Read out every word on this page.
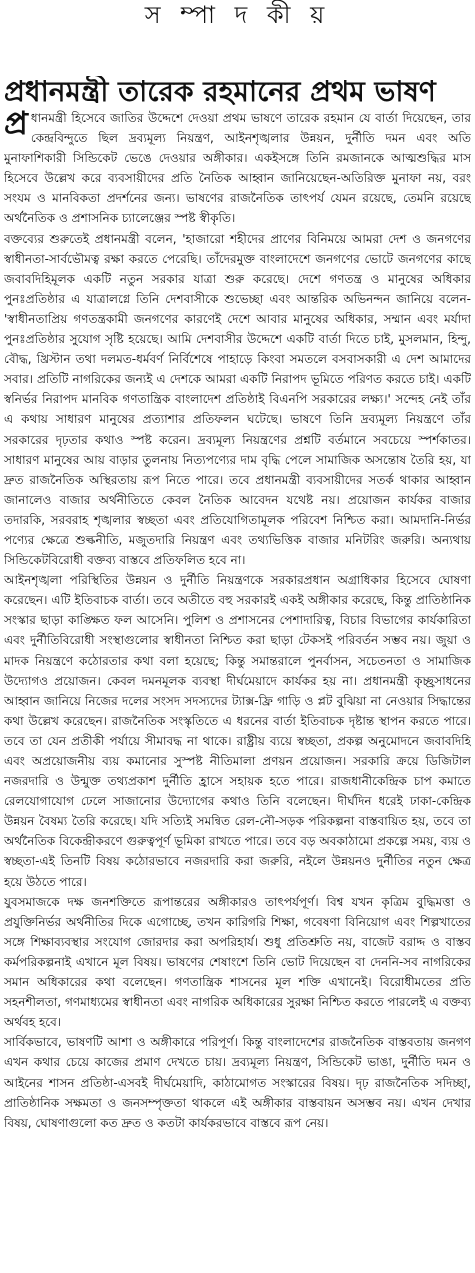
স ম্পা দ কী য়
প্রধানমন্ত্রী তারেক রহমানের প্রথম ভাষণ

প্র ধানমন্ত্রী হিসেবে জাতির উদ্দেশে দেওয়া প্রথম ভাষণে তারেক রহমান যে বার্তা দিয়েছেন, তার কেন্দ্রবিন্দুতে ছিল দ্রব্যমূল্য নিয়ন্ত্রণ, আইনশৃঙ্খলার উন্নয়ন, দুর্নীতি দমন এবং অতি মুনাফাশিকারী সিন্ডিকেট ভেঙে দেওয়ার অঙ্গীকার। একইসঙ্গে তিনি রমজানকে আত্মশুদ্ধির মাস হিসেবে উল্লেখ করে ব্যবসায়ীদের প্রতি নৈতিক আহ্বান জানিয়েছেন-অতিরিক্ত মুনাফা নয়, বরং সংযম ও মানবিকতা প্রদর্শনের জন্য। ভাষণের রাজনৈতিক তাৎপর্য যেমন রয়েছে, তেমনি রয়েছে অর্থনৈতিক ও প্রশাসনিক চ্যালেঞ্জের স্পষ্ট স্বীকৃতি।

বক্তব্যের শুরুতেই প্রধানমন্ত্রী বলেন, 'হাজারো শহীদের প্রাণের বিনিময়ে আমরা দেশ ও জনগণের স্বাধীনতা-সার্বভৌমত্ব রক্ষা করতে পেরেছি। তাঁদেরমুক্ত বাংলাদেশে জনগণের ভোটে জনগণের কাছে জবাবদিহিমূলক একটি নতুন সরকার যাত্রা শুরু করেছে। দেশে গণতন্ত্র ও মানুষের অধিকার পুনঃপ্রতিষ্ঠার এ যাত্রালগ্নে তিনি দেশবাসীকে শুভেচ্ছা এবং আন্তরিক অভিনন্দন জানিয়ে বলেন- 'স্বাধীনতাপ্রিয় গণতন্ত্রকামী জনগণের কারণেই দেশে আবার মানুষের অধিকার, সম্মান এবং মর্যাদা পুনঃপ্রতিষ্ঠার সুযোগ সৃষ্টি হয়েছে। আমি দেশবাসীর উদ্দেশে একটি বার্তা দিতে চাই, মুসলমান, হিন্দু, বৌদ্ধ, খ্রিস্টান তথা দলমত-ধর্মবর্ণ নির্বিশেষে পাহাড়ে কিংবা সমতলে বসবাসকারী এ দেশ আমাদের সবার। প্রতিটি নাগরিকের জন্যই এ দেশকে আমরা একটি নিরাপদ ভূমিতে পরিণত করতে চাই। একটি স্বনির্ভর নিরাপদ মানবিক গণতান্ত্রিক বাংলাদেশ প্রতিষ্ঠাই বিএনপি সরকারের লক্ষ্য।' সন্দেহ নেই তাঁর এ কথায় সাধারণ মানুষের প্রত্যাশার প্রতিফলন ঘটেছে। ভাষণে তিনি দ্রব্যমূল্য নিয়ন্ত্রণে তাঁর সরকারের দৃঢ়তার কথাও স্পষ্ট করেন। দ্রব্যমূল্য নিয়ন্ত্রণের প্রশ্নটি বর্তমানে সবচেয়ে স্পর্শকাতর। সাধারণ মানুষের আয় বাড়ার তুলনায় নিত্যপণ্যের দাম বৃদ্ধি পেলে সামাজিক অসন্তোষ তৈরি হয়, যা দ্রুত রাজনৈতিক অস্থিরতায় রূপ নিতে পারে। তবে প্রধানমন্ত্রী ব্যবসায়ীদের সতর্ক থাকার আহ্বান জানালেও বাজার অর্থনীতিতে কেবল নৈতিক আবেদন যথেষ্ট নয়। প্রয়োজন কার্যকর বাজার তদারকি, সরবরাহ শৃঙ্খলার স্বচ্ছতা এবং প্রতিযোগিতামূলক পরিবেশ নিশ্চিত করা। আমদানি-নির্ভর পণ্যের ক্ষেত্রে শুল্কনীতি, মজুতদারি নিয়ন্ত্রণ এবং তথ্যভিত্তিক বাজার মনিটরিং জরুরি। অন্যথায় সিন্ডিকেটবিরোধী বক্তব্য বাস্তবে প্রতিফলিত হবে না।

আইনশৃঙ্খলা পরিস্থিতির উন্নয়ন ও দুর্নীতি নিয়ন্ত্রণকে সরকারপ্রধান অগ্রাধিকার হিসেবে ঘোষণা করেছেন। এটি ইতিবাচক বার্তা। তবে অতীতে বহু সরকারই একই অঙ্গীকার করেছে, কিন্তু প্রাতিষ্ঠানিক সংস্কার ছাড়া কাঙ্ক্ষিত ফল আসেনি। পুলিশ ও প্রশাসনের পেশাদারিত্ব, বিচার বিভাগের কার্যকারিতা এবং দুর্নীতিবিরোধী সংস্থাগুলোর স্বাধীনতা নিশ্চিত করা ছাড়া টেকসই পরিবর্তন সম্ভব নয়। জুয়া ও মাদক নিয়ন্ত্রণে কঠোরতার কথা বলা হয়েছে; কিন্তু সমান্তরালে পুনর্বাসন, সচেতনতা ও সামাজিক উদ্যোগও প্রয়োজন। কেবল দমনমূলক ব্যবস্থা দীর্ঘমেয়াদে কার্যকর হয় না। প্রধানমন্ত্রী কৃচ্ছ্রসাধনের আহ্বান জানিয়ে নিজের দলের সংসদ সদস্যদের ট্যাক্স-ফ্রি গাড়ি ও প্লট বুঝিয়া না নেওয়ার সিদ্ধান্তের কথা উল্লেখ করেছেন। রাজনৈতিক সংস্কৃতিতে এ ধরনের বার্তা ইতিবাচক দৃষ্টান্ত স্থাপন করতে পারে। তবে তা যেন প্রতীকী পর্যায়ে সীমাবদ্ধ না থাকে। রাষ্ট্রীয় ব্যয়ে স্বচ্ছতা, প্রকল্প অনুমোদনে জবাবদিহি এবং অপ্রয়োজনীয় ব্যয় কমানোর সুস্পষ্ট নীতিমালা প্রণয়ন প্রয়োজন। সরকারি ক্রয়ে ডিজিটাল নজরদারি ও উন্মুক্ত তথ্যপ্রকাশ দুর্নীতি হ্রাসে সহায়ক হতে পারে। রাজধানীকেন্দ্রিক চাপ কমাতে রেলযোগাযোগ ঢেলে সাজানোর উদ্যোগের কথাও তিনি বলেছেন। দীর্ঘদিন ধরেই ঢাকা-কেন্দ্রিক উন্নয়ন বৈষম্য তৈরি করেছে। যদি সত্যিই সমন্বিত রেল-নৌ-সড়ক পরিকল্পনা বাস্তবায়িত হয়, তবে তা অর্থনৈতিক বিকেন্দ্রীকরণে গুরুত্বপূর্ণ ভূমিকা রাখতে পারে। তবে বড় অবকাঠামো প্রকল্পে সময়, ব্যয় ও স্বচ্ছতা-এই তিনটি বিষয় কঠোরভাবে নজরদারি করা জরুরি, নইলে উন্নয়নও দুর্নীতির নতুন ক্ষেত্র হয়ে উঠতে পারে।

যুবসমাজকে দক্ষ জনশক্তিতে রূপান্তরের অঙ্গীকারও তাৎপর্যপূর্ণ। বিশ্ব যখন কৃত্রিম বুদ্ধিমত্তা ও প্রযুক্তিনির্ভর অর্থনীতির দিকে এগোচ্ছে, তখন কারিগরি শিক্ষা, গবেষণা বিনিয়োগ এবং শিল্পখাতের সঙ্গে শিক্ষাব্যবস্থার সংযোগ জোরদার করা অপরিহার্য। শুধু প্রতিশ্রুতি নয়, বাজেট বরাদ্দ ও বাস্তব কর্মপরিকল্পনাই এখানে মূল বিষয়। ভাষণের শেষাংশে তিনি ভোট দিয়েছেন বা দেননি-সব নাগরিকের সমান অধিকারের কথা বলেছেন। গণতান্ত্রিক শাসনের মূল শক্তি এখানেই। বিরোধীমতের প্রতি সহনশীলতা, গণমাধ্যমের স্বাধীনতা এবং নাগরিক অধিকারের সুরক্ষা নিশ্চিত করতে পারলেই এ বক্তব্য অর্থবহ হবে।

সার্বিকভাবে, ভাষণটি আশা ও অঙ্গীকারে পরিপূর্ণ। কিন্তু বাংলাদেশের রাজনৈতিক বাস্তবতায় জনগণ এখন কথার চেয়ে কাজের প্রমাণ দেখতে চায়। দ্রব্যমূল্য নিয়ন্ত্রণ, সিন্ডিকেট ভাঙা, দুর্নীতি দমন ও আইনের শাসন প্রতিষ্ঠা-এসবই দীর্ঘমেয়াদি, কাঠামোগত সংস্কারের বিষয়। দৃঢ় রাজনৈতিক সদিচ্ছা, প্রাতিষ্ঠানিক সক্ষমতা ও জনসম্পৃক্ততা থাকলে এই অঙ্গীকার বাস্তবায়ন অসম্ভব নয়। এখন দেখার বিষয়, ঘোষণাগুলো কত দ্রুত ও কতটা কার্যকরভাবে বাস্তবে রূপ নেয়।
